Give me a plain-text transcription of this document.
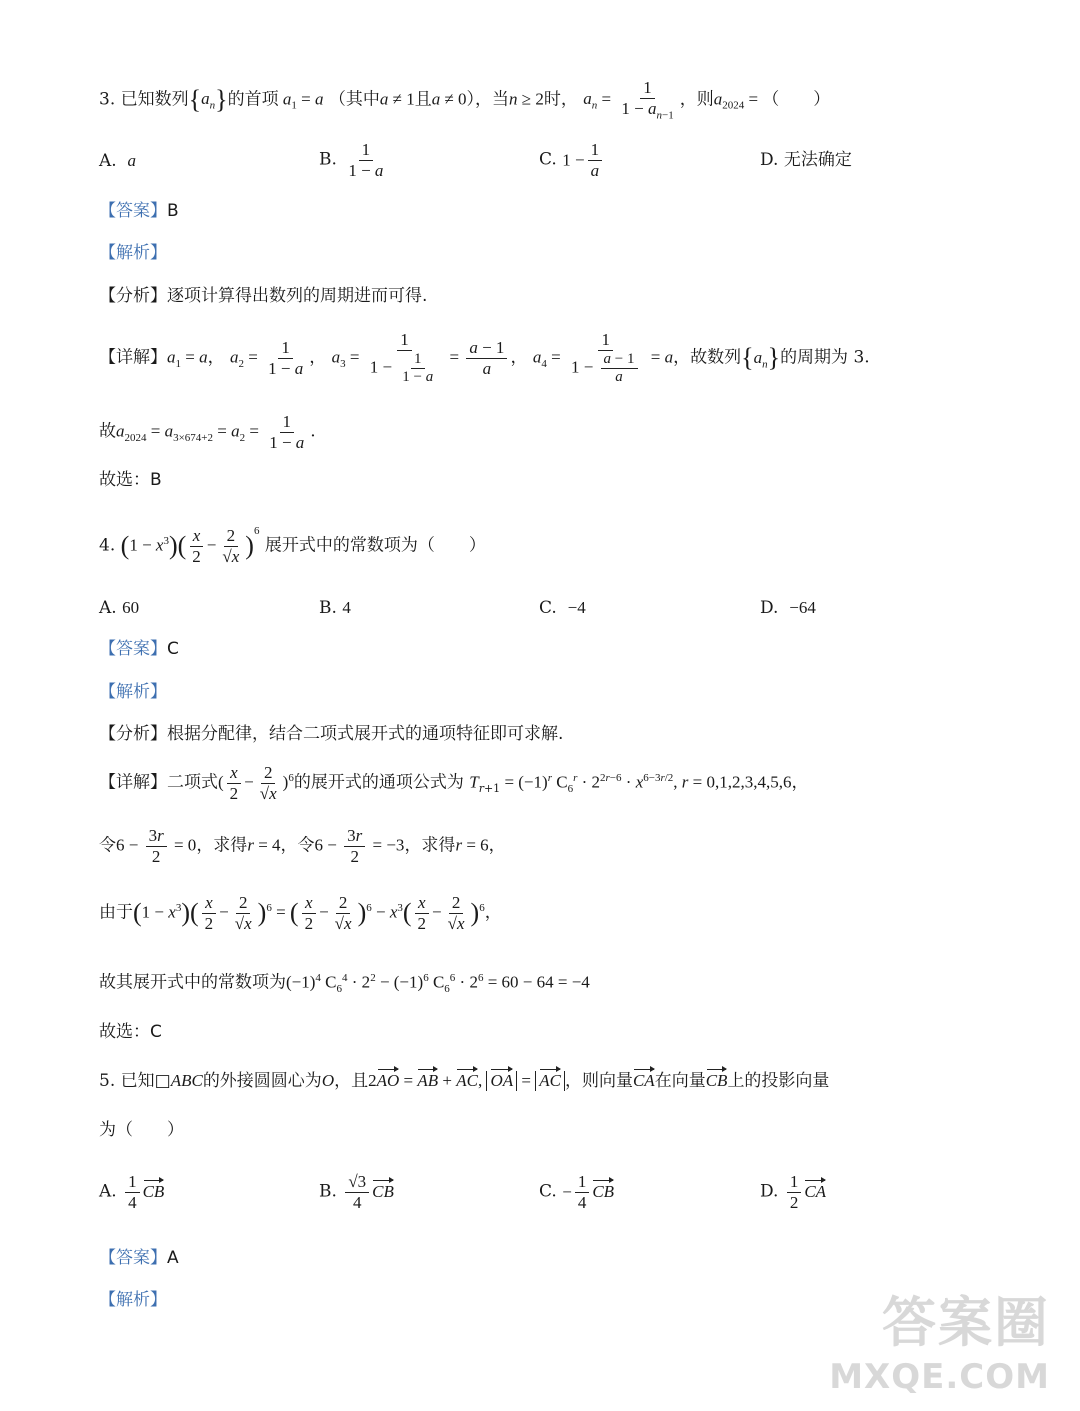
3. 已知数列$\{a_n\}$的首项 $a_1 = a$ （其中a ≠ 1且a ≠ 0），当n ≥ 2时， $a_n = \frac{1}{1 - a_{n-1}}$ ，则$a_{2024}$ = （　　）
A. a	B. $\frac{1}{1 - a}$	C. $1 - \frac{1}{a}$	D. 无法确定
【答案】B
【解析】
【分析】逐项计算得出数列的周期进而可得.
【详解】$a_1 = a$， $a_2 = \frac{1}{1 - a}$ ， $a_3 = \frac{1}{1 - \frac{1}{1 - a}} = \frac{a - 1}{a}$ ， $a_4 = \frac{1}{1 - \frac{a - 1}{a}} = a$，故数列$\{a_n\}$的周期为 3.
故$a_{2024} = a_{3\times 674+2} = a_2 = \frac{1}{1 - a}$ .
故选：B
4. $(1 - x^3)( \frac{x}{2} - \frac{2}{√x} )^6$ 展开式中的常数项为（　　）
A. 60	B. 4	C. −4	D. −64
【答案】C
【解析】
【分析】根据分配律，结合二项式展开式的通项特征即可求解.
【详解】二项式( $\frac{x}{2} - \frac{2}{√x} )^6$的展开式的通项公式为 $T_{r+1} = (-1)^r$ $C_6^r \cdot 2^{2r-6} \cdot x^{6-3r/2}$, r = 0,1,2,3,4,5,6，
令$6 - \frac{3r}{2} = 0$，求得r = 4，令$6 - \frac{3r}{2} = -3$，求得r = 6，
由于$(1 - x^3)( \frac{x}{2} - \frac{2}{√x} )^6$ = ( $\frac{x}{2} - \frac{2}{√x} )^6 - x^3( \frac{x}{2} - \frac{2}{√x} )^6$，
故其展开式中的常数项为$(-1)^4$ $C_6^4 \cdot 2^2 - (-1)^6$ $C_6^6 \cdot 2^6 = 60 - 64 = -4$
故选：C
5. 已知□ABC的外接圆圆心为O，且2AO = AB + AC, OA = AC ，则向量CA在向量CB上的投影向量
为（　　）
A. $\frac{1}{4}$ CB	B. $\frac{√3}{4}$ CB	C. − $\frac{1}{4}$ CB	D. $\frac{1}{2}$ CA
【答案】A
【解析】	答案圈
MXQE.COM
